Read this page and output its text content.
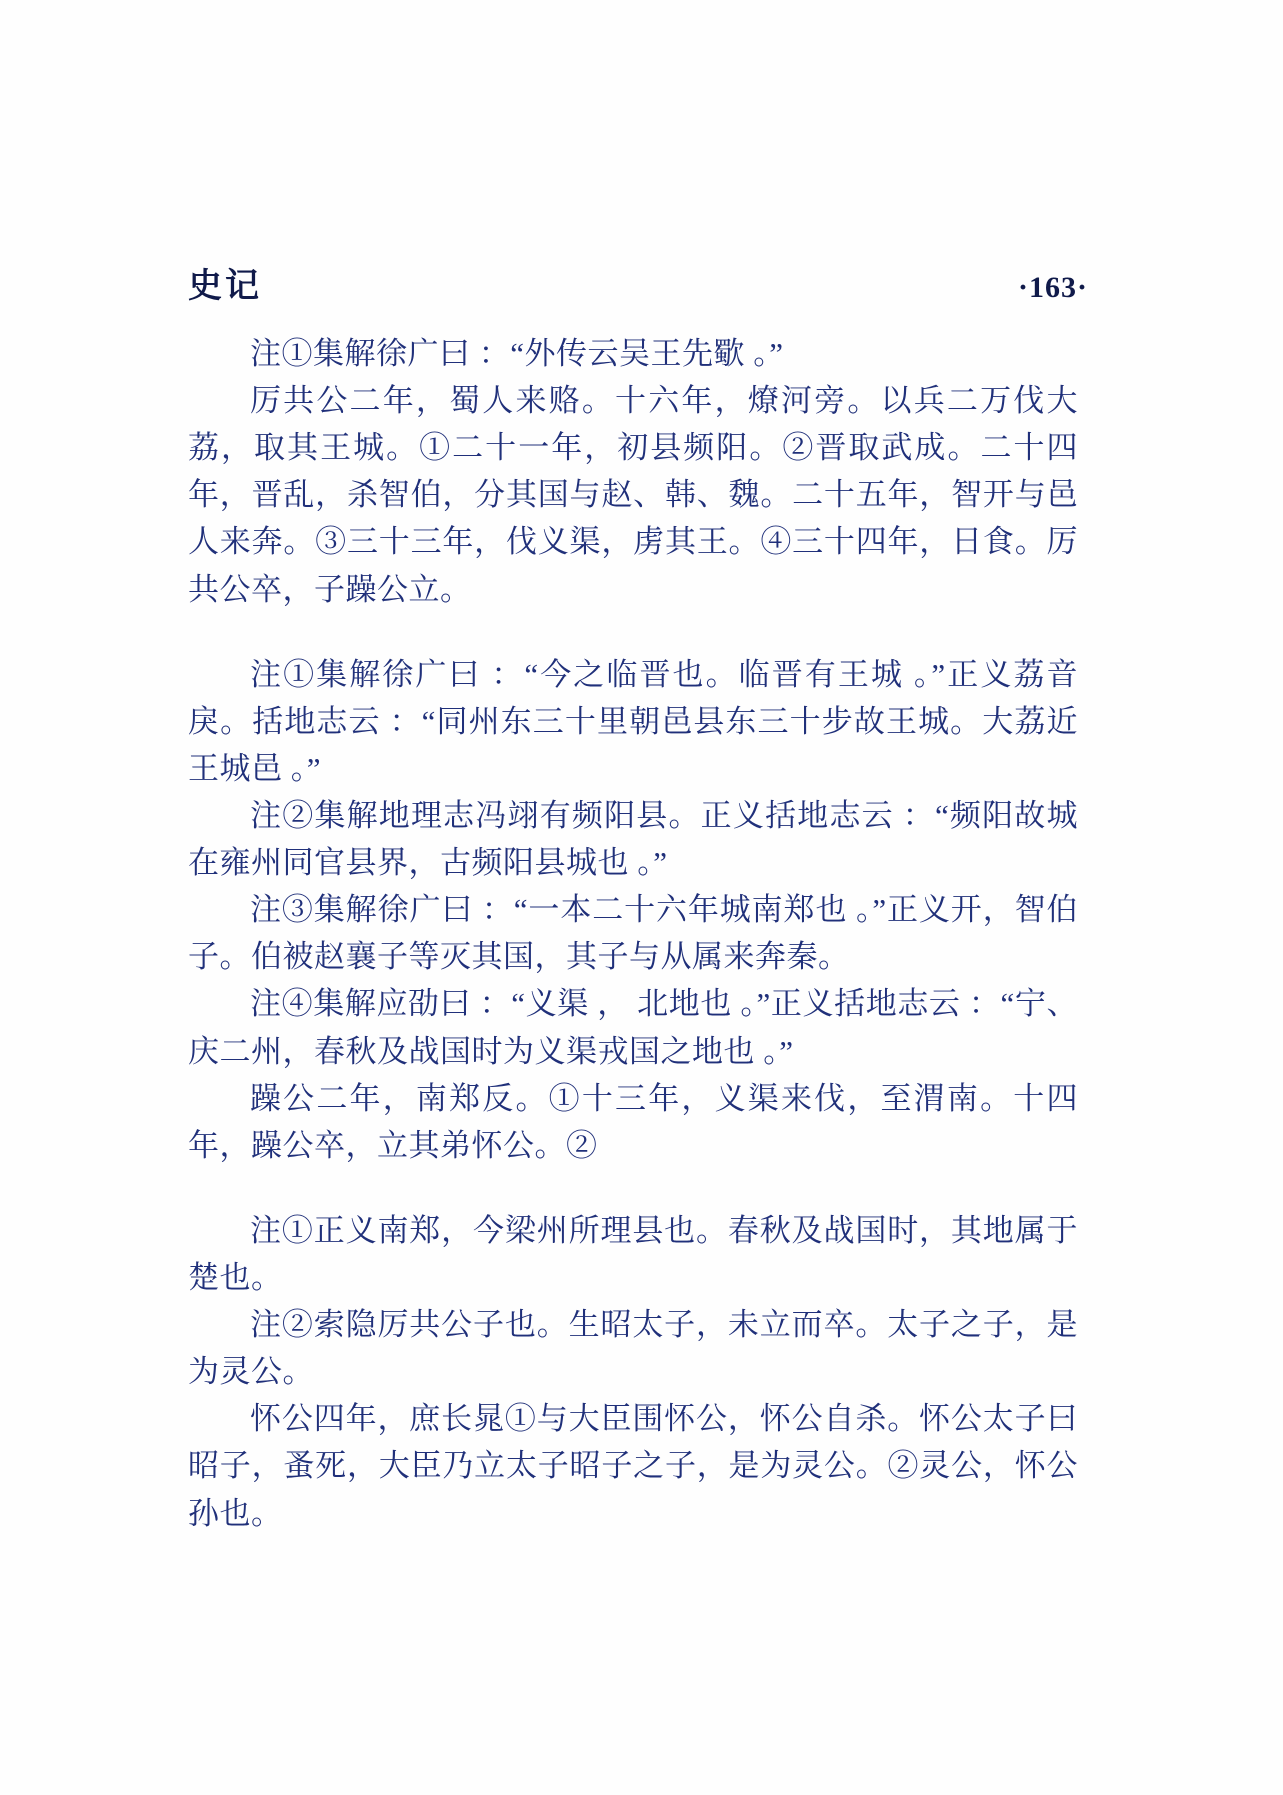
史记	·163·

注①集解徐广曰 ：“外传云吴王先歜 。”

厉共公二年，蜀人来赂。十六年，燎河旁。以兵二万伐大荔，取其王城。①二十一年，初县频阳。②晋取武成。二十四年，晋乱，杀智伯，分其国与赵、韩、魏。二十五年，智开与邑人来奔。③三十三年，伐义渠，虏其王。④三十四年，日食。厉共公卒，子躁公立。

注①集解徐广曰 ：“今之临晋也。临晋有王城 。”正义荔音戾。括地志云 ：“同州东三十里朝邑县东三十步故王城。大荔近王城邑 。”

注②集解地理志冯翊有频阳县。正义括地志云 ：“频阳故城在雍州同官县界，古频阳县城也 。”

注③集解徐广曰 ：“一本二十六年城南郑也 。”正义开，智伯子。伯被赵襄子等灭其国，其子与从属来奔秦。

注④集解应劭曰 ：“义渠 ， 北地也 。”正义括地志云 ：“宁、庆二州，春秋及战国时为义渠戎国之地也 。”

躁公二年，南郑反。①十三年，义渠来伐，至渭南。十四年，躁公卒，立其弟怀公。②

注①正义南郑，今梁州所理县也。春秋及战国时，其地属于楚也。

注②索隐厉共公子也。生昭太子，未立而卒。太子之子，是为灵公。

怀公四年，庶长晁①与大臣围怀公，怀公自杀。怀公太子曰昭子，蚤死，大臣乃立太子昭子之子，是为灵公。②灵公，怀公孙也。
